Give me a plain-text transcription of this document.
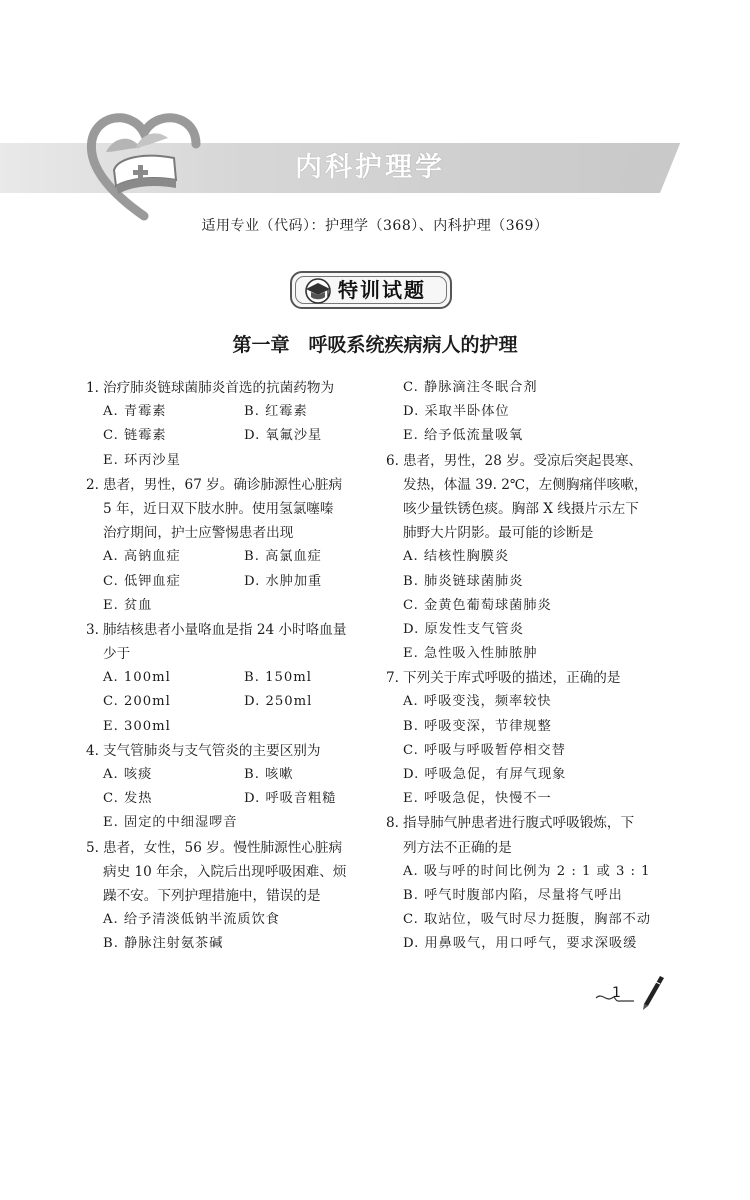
内科护理学
适用专业（代码）：护理学（368）、内科护理（369）
特训试题
第一章　呼吸系统疾病病人的护理
1. 治疗肺炎链球菌肺炎首选的抗菌药物为
A. 青霉素	B. 红霉素
C. 链霉素	D. 氧氟沙星
E. 环丙沙星
2. 患者，男性，67 岁。确诊肺源性心脏病
5 年，近日双下肢水肿。使用氢氯噻嗪
治疗期间，护士应警惕患者出现
A. 高钠血症	B. 高氯血症
C. 低钾血症	D. 水肿加重
E. 贫血
3. 肺结核患者小量咯血是指 24 小时咯血量
少于
A. 100ml	B. 150ml
C. 200ml	D. 250ml
E. 300ml
4. 支气管肺炎与支气管炎的主要区别为
A. 咳痰	B. 咳嗽
C. 发热	D. 呼吸音粗糙
E. 固定的中细湿啰音
5. 患者，女性，56 岁。慢性肺源性心脏病
病史 10 年余，入院后出现呼吸困难、烦
躁不安。下列护理措施中，错误的是
A. 给予清淡低钠半流质饮食
B. 静脉注射氨茶碱
C. 静脉滴注冬眠合剂
D. 采取半卧体位
E. 给予低流量吸氧
6. 患者，男性，28 岁。受凉后突起畏寒、
发热，体温 39. 2℃，左侧胸痛伴咳嗽，
咳少量铁锈色痰。胸部 X 线摄片示左下
肺野大片阴影。最可能的诊断是
A. 结核性胸膜炎
B. 肺炎链球菌肺炎
C. 金黄色葡萄球菌肺炎
D. 原发性支气管炎
E. 急性吸入性肺脓肿
7. 下列关于库式呼吸的描述，正确的是
A. 呼吸变浅，频率较快
B. 呼吸变深，节律规整
C. 呼吸与呼吸暂停相交替
D. 呼吸急促，有屏气现象
E. 呼吸急促，快慢不一
8. 指导肺气肿患者进行腹式呼吸锻炼，下
列方法不正确的是
A. 吸与呼的时间比例为 2 : 1 或 3 : 1
B. 呼气时腹部内陷，尽量将气呼出
C. 取站位，吸气时尽力挺腹，胸部不动
D. 用鼻吸气，用口呼气，要求深吸缓
1
